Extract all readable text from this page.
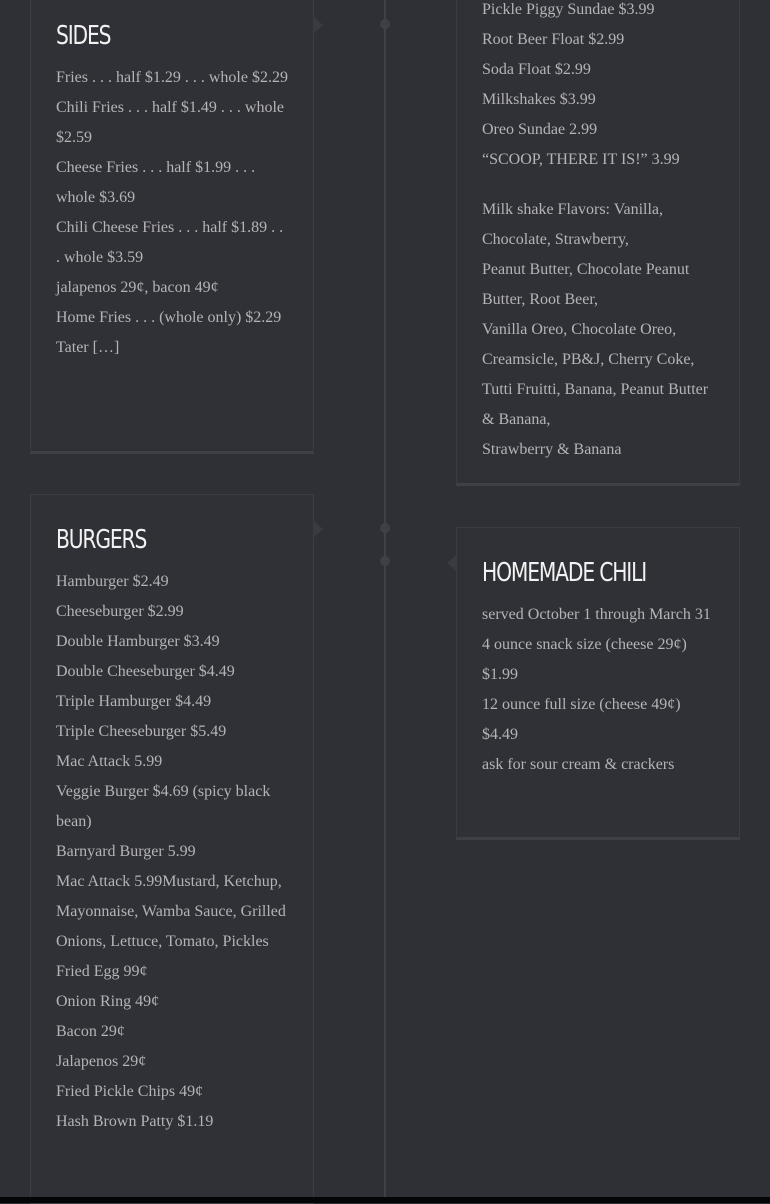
SIDES
Fries . . . half $1.29 . . . whole $2.29
Chili Fries . . . half $1.49 . . . whole $2.59
Cheese Fries . . . half $1.99 . . . whole $3.69
Chili Cheese Fries . . . half $1.89 . . . whole $3.59
jalapenos 29¢, bacon 49¢
Home Fries . . . (whole only) $2.29
Tater […]
BURGERS
Hamburger $2.49
Cheeseburger $2.99
Double Hamburger $3.49
Double Cheeseburger $4.49
Triple Hamburger $4.49
Triple Cheeseburger $5.49
Mac Attack 5.99
Veggie Burger $4.69 (spicy black bean)
Barnyard Burger 5.99
Mac Attack 5.99Mustard, Ketchup, Mayonnaise, Wamba Sauce, Grilled Onions, Lettuce, Tomato, Pickles
Fried Egg 99¢
Onion Ring 49¢
Bacon 29¢
Jalapenos 29¢
Fried Pickle Chips 49¢
Hash Brown Patty $1.19
Pickle Piggy Sundae $3.99
Root Beer Float $2.99
Soda Float $2.99
Milkshakes $3.99
Oreo Sundae 2.99
“SCOOP, THERE IT IS!” 3.99
Milk shake Flavors: Vanilla, Chocolate, Strawberry,
Peanut Butter, Chocolate Peanut Butter, Root Beer,
Vanilla Oreo, Chocolate Oreo, Creamsicle, PB&J, Cherry Coke, Tutti Fruitti, Banana, Peanut Butter & Banana,
Strawberry & Banana
HOMEMADE CHILI
served October 1 through March 31
4 ounce snack size (cheese 29¢) $1.99
12 ounce full size (cheese 49¢) $4.49
ask for sour cream & crackers
